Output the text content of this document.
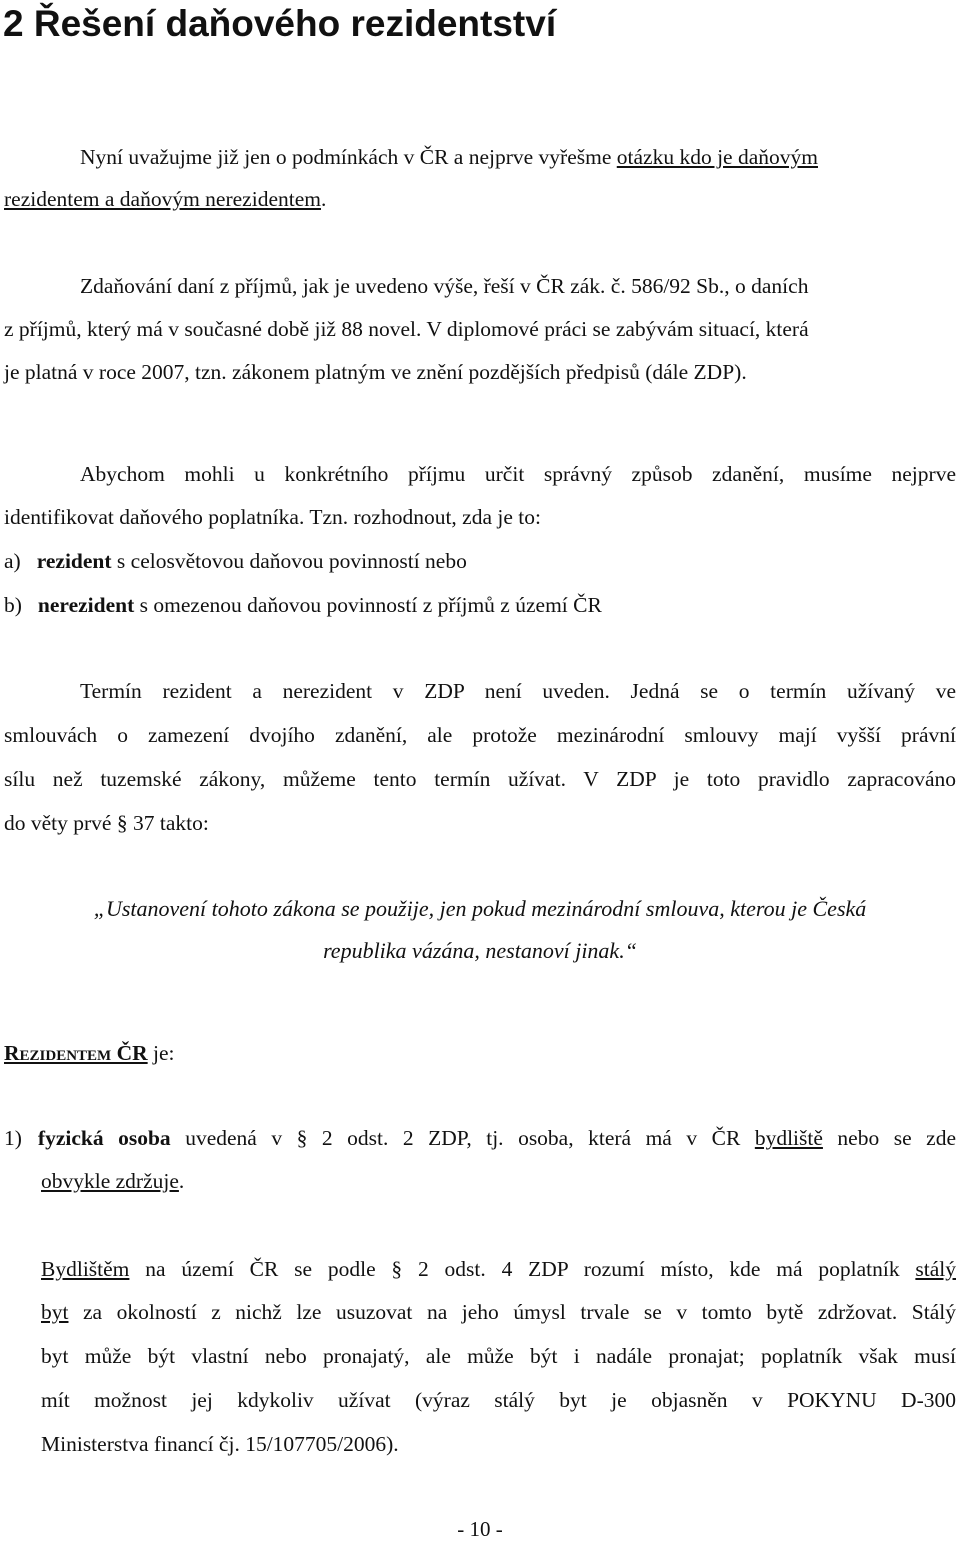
2 Řešení daňového rezidentství
Nyní uvažujme již jen o podmínkách v ČR a nejprve vyřešme otázku kdo je daňovým
rezidentem a daňovým nerezidentem.
Zdaňování daní z příjmů, jak je uvedeno výše, řeší v ČR zák. č. 586/92 Sb., o daních
z příjmů, který má v současné době již 88 novel. V diplomové práci se zabývám situací, která
je platná v roce 2007, tzn. zákonem platným ve znění pozdějších předpisů (dále ZDP).
Abychom mohli u konkrétního příjmu určit správný způsob zdanění, musíme nejprve
identifikovat daňového poplatníka. Tzn. rozhodnout, zda je to:
a) rezident s celosvětovou daňovou povinností nebo
b) nerezident s omezenou daňovou povinností z příjmů z území ČR
Termín rezident a nerezident v ZDP není uveden. Jedná se o termín užívaný ve
smlouvách o zamezení dvojího zdanění, ale protože mezinárodní smlouvy mají vyšší právní
sílu než tuzemské zákony, můžeme tento termín užívat. V ZDP je toto pravidlo zapracováno
do věty prvé § 37 takto:
„Ustanovení tohoto zákona se použije, jen pokud mezinárodní smlouva, kterou je Česká
republika vázána, nestanoví jinak.“
Rezidentem ČR je:
1) fyzická osoba uvedená v § 2 odst. 2 ZDP, tj. osoba, která má v ČR bydliště nebo se zde
obvykle zdržuje.
Bydlištěm na území ČR se podle § 2 odst. 4 ZDP rozumí místo, kde má poplatník stálý
byt za okolností z nichž lze usuzovat na jeho úmysl trvale se v tomto bytě zdržovat. Stálý
byt může být vlastní nebo pronajatý, ale může být i nadále pronajat; poplatník však musí
mít možnost jej kdykoliv užívat (výraz stálý byt je objasněn v POKYNU D-300
Ministerstva financí čj. 15/107705/2006).
- 10 -
